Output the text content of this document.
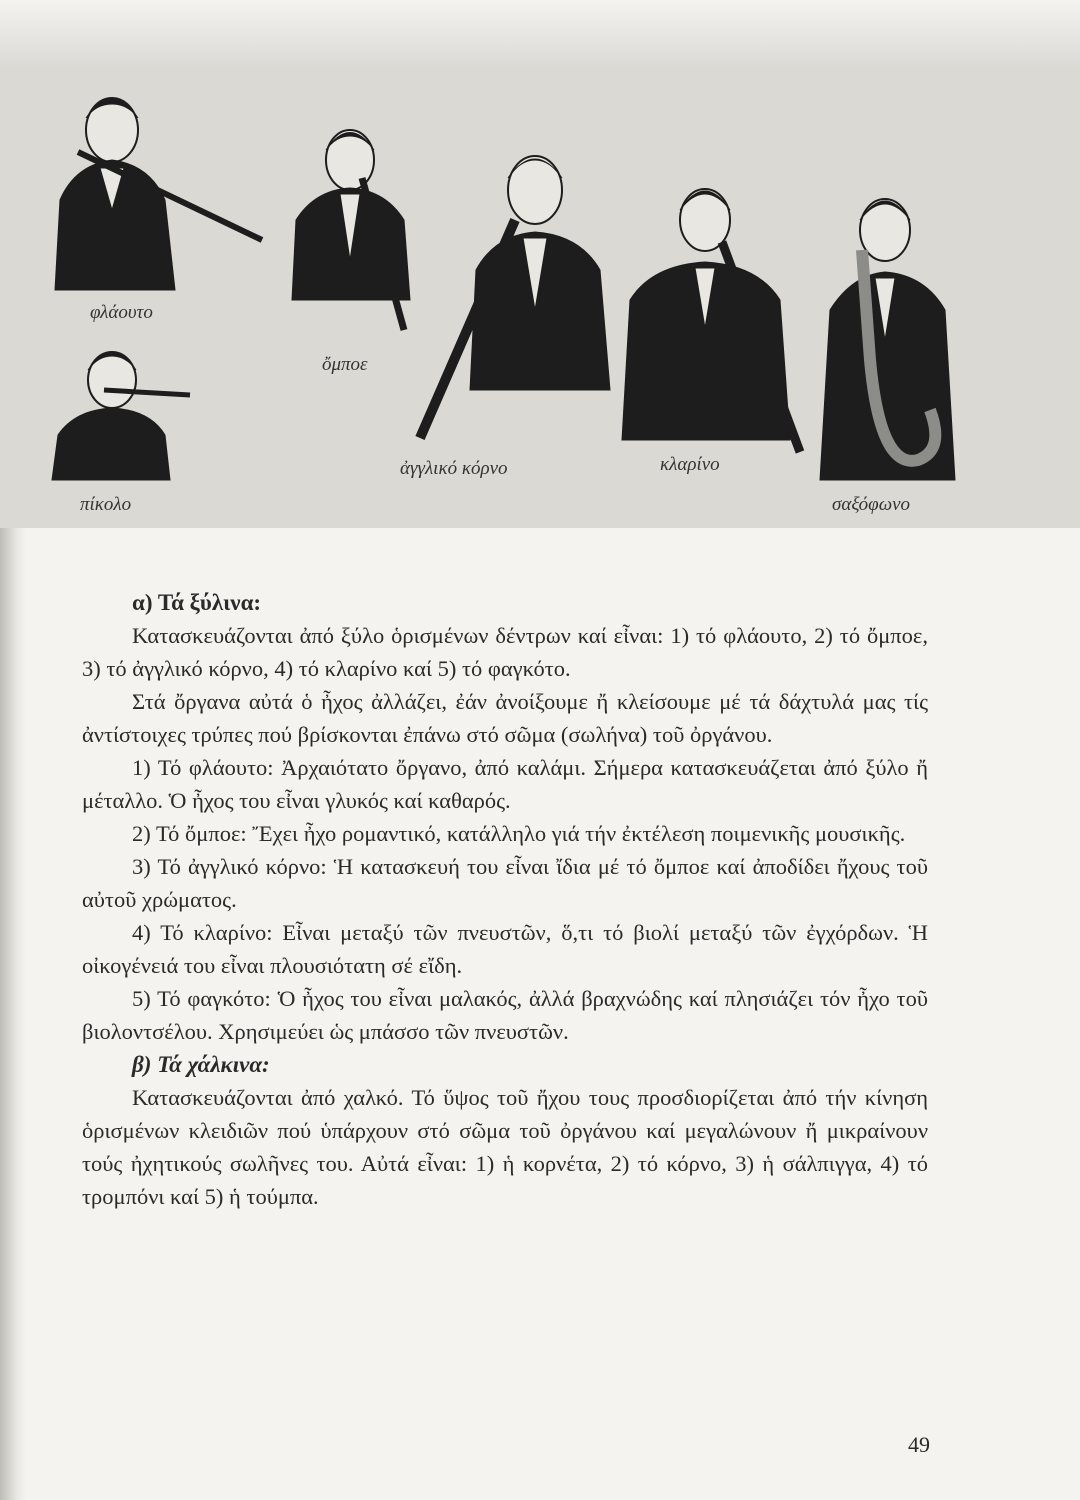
φλάουτο
ὄμποε
πίκολο
ἀγγλικό κόρνο	κλαρίνο
σαξόφωνο

α) Τά ξύλινα:

Κατασκευάζονται ἀπό ξύλο ὁρισμένων δέντρων καί εἶναι: 1) τό φλάουτο, 2) τό ὄμποε, 3) τό ἀγγλικό κόρνο, 4) τό κλαρίνο καί 5) τό φαγκότο.

Στά ὄργανα αὐτά ὁ ἦχος ἀλλάζει, ἐάν ἀνοίξουμε ἤ κλείσουμε μέ τά δάχτυλά μας τίς ἀντίστοιχες τρύπες πού βρίσκονται ἐπάνω στό σῶμα (σωλήνα) τοῦ ὀργάνου.

1) Τό φλάουτο: Ἀρχαιότατο ὄργανο, ἀπό καλάμι. Σήμερα κατασκευάζεται ἀπό ξύλο ἤ μέταλλο. Ὁ ἦχος του εἶναι γλυκός καί καθαρός.

2) Τό ὄμποε: Ἔχει ἦχο ρομαντικό, κατάλληλο γιά τήν ἐκτέλεση ποιμενικῆς μουσικῆς.

3) Τό ἀγγλικό κόρνο: Ἡ κατασκευή του εἶναι ἴδια μέ τό ὄμποε καί ἀποδίδει ἤχους τοῦ αὐτοῦ χρώματος.

4) Τό κλαρίνο: Εἶναι μεταξύ τῶν πνευστῶν, ὅ,τι τό βιολί μεταξύ τῶν ἐγχόρδων. Ἡ οἰκογένειά του εἶναι πλουσιότατη σέ εἴδη.

5) Τό φαγκότο: Ὁ ἦχος του εἶναι μαλακός, ἀλλά βραχνώδης καί πλησιάζει τόν ἦχο τοῦ βιολοντσέλου. Χρησιμεύει ὡς μπάσσο τῶν πνευστῶν.

β) Τά χάλκινα:

Κατασκευάζονται ἀπό χαλκό. Τό ὕψος τοῦ ἤχου τους προσδιορίζεται ἀπό τήν κίνηση ὁρισμένων κλειδιῶν πού ὑπάρχουν στό σῶμα τοῦ ὀργάνου καί μεγαλώνουν ἤ μικραίνουν τούς ἠχητικούς σωλῆνες του. Αὐτά εἶναι: 1) ἡ κορνέτα, 2) τό κόρνο, 3) ἡ σάλπιγγα, 4) τό τρομπόνι καί 5) ἡ τούμπα.

49
